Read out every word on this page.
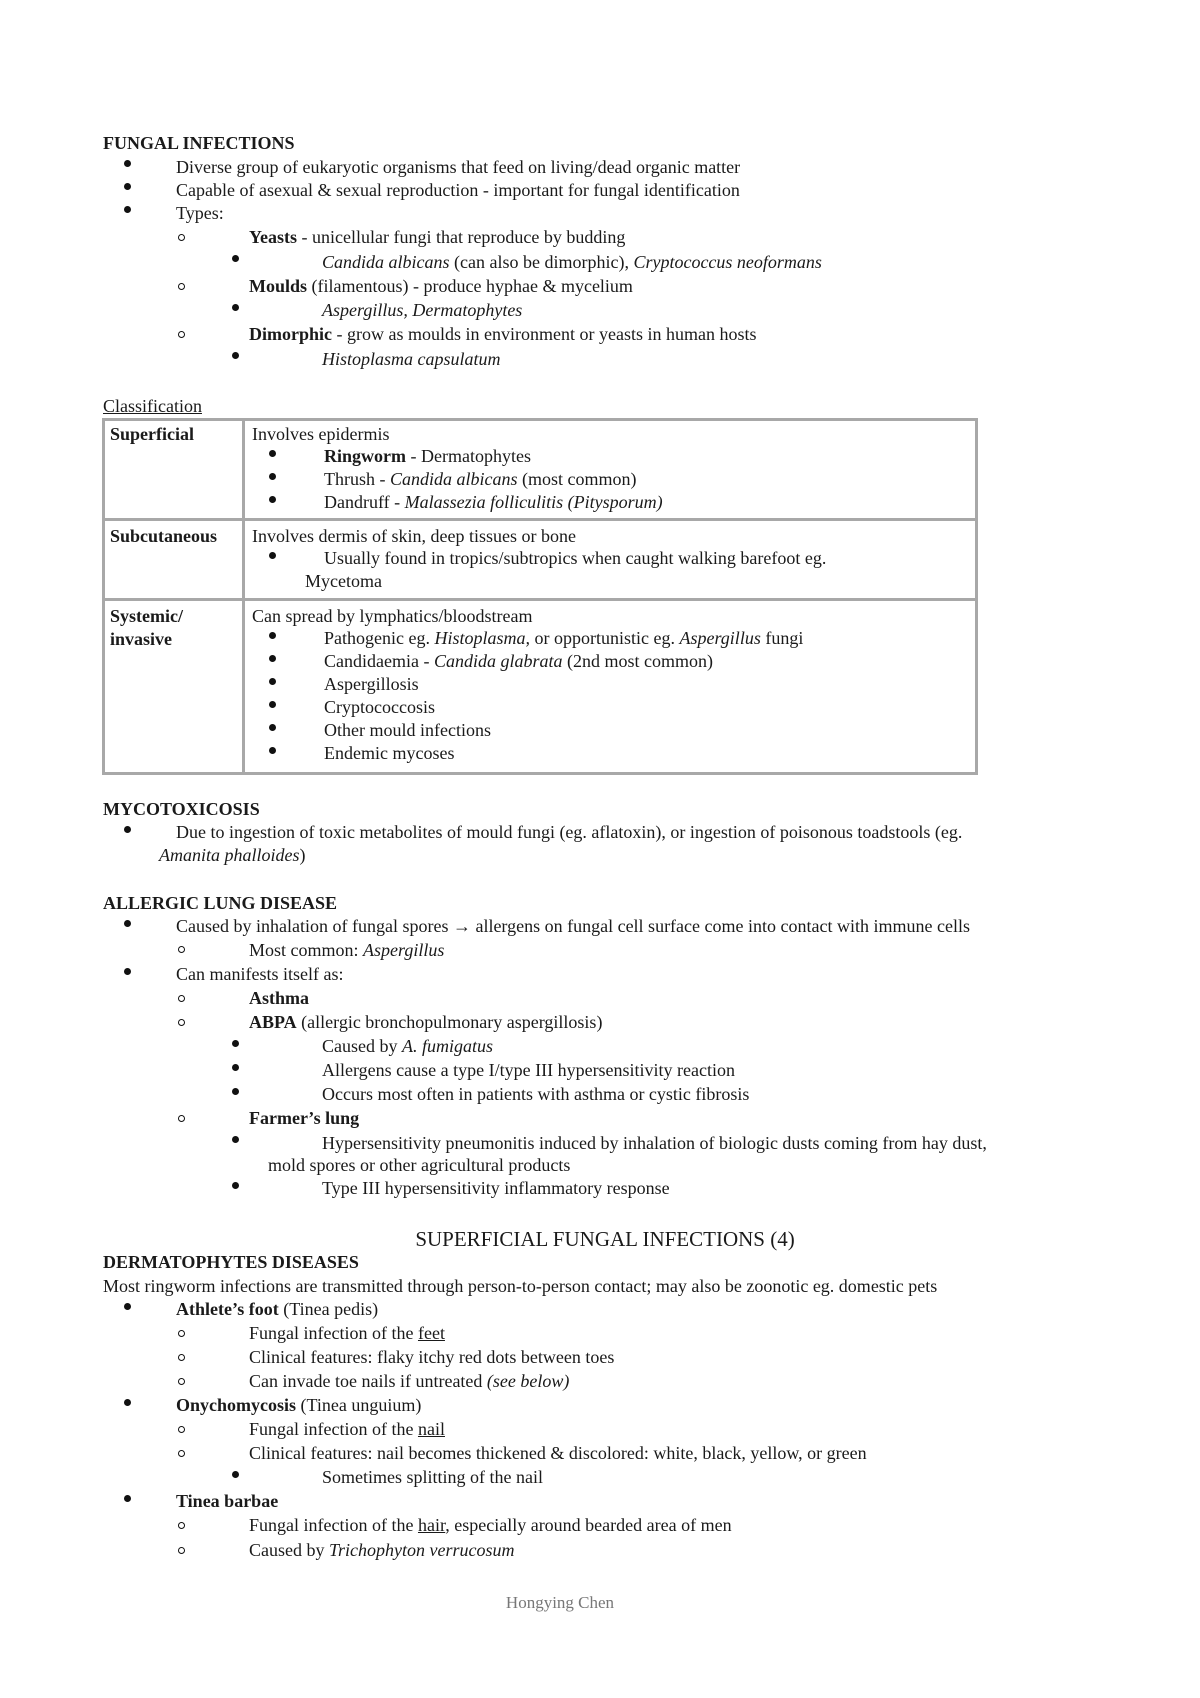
FUNGAL INFECTIONS
Diverse group of eukaryotic organisms that feed on living/dead organic matter
Capable of asexual & sexual reproduction - important for fungal identification
Types:
Yeasts - unicellular fungi that reproduce by budding
Candida albicans (can also be dimorphic), Cryptococcus neoformans
Moulds (filamentous) - produce hyphae & mycelium
Aspergillus, Dermatophytes
Dimorphic - grow as moulds in environment or yeasts in human hosts
Histoplasma capsulatum
Classification
Superficial	Involves epidermis
Ringworm - Dermatophytes
Thrush - Candida albicans (most common)
Dandruff - Malassezia folliculitis (Pitysporum)
Subcutaneous Involves dermis of skin, deep tissues or bone
Usually found in tropics/subtropics when caught walking barefoot eg.
Mycetoma
Systemic/
invasive
Can spread by lymphatics/bloodstream
Pathogenic eg. Histoplasma, or opportunistic eg. Aspergillus fungi
Candidaemia - Candida glabrata (2nd most common)
Aspergillosis
Cryptococcosis
Other mould infections
Endemic mycoses
MYCOTOXICOSIS
Due to ingestion of toxic metabolites of mould fungi (eg. aflatoxin), or ingestion of poisonous toadstools (eg.
Amanita phalloides)
ALLERGIC LUNG DISEASE
Caused by inhalation of fungal spores → allergens on fungal cell surface come into contact with immune cells
Most common: Aspergillus
Can manifests itself as:
Asthma
ABPA (allergic bronchopulmonary aspergillosis)
Caused by A. fumigatus
Allergens cause a type I/type III hypersensitivity reaction
Occurs most often in patients with asthma or cystic fibrosis
Farmer’s lung
Hypersensitivity pneumonitis induced by inhalation of biologic dusts coming from hay dust,
mold spores or other agricultural products
Type III hypersensitivity inflammatory response
SUPERFICIAL FUNGAL INFECTIONS (4)
DERMATOPHYTES DISEASES
Most ringworm infections are transmitted through person-to-person contact; may also be zoonotic eg. domestic pets
Athlete’s foot (Tinea pedis)
Fungal infection of the feet
Clinical features: flaky itchy red dots between toes
Can invade toe nails if untreated (see below)
Onychomycosis (Tinea unguium)
Fungal infection of the nail
Clinical features: nail becomes thickened & discolored: white, black, yellow, or green
Sometimes splitting of the nail
Tinea barbae
Fungal infection of the hair, especially around bearded area of men
Caused by Trichophyton verrucosum
Hongying Chen
